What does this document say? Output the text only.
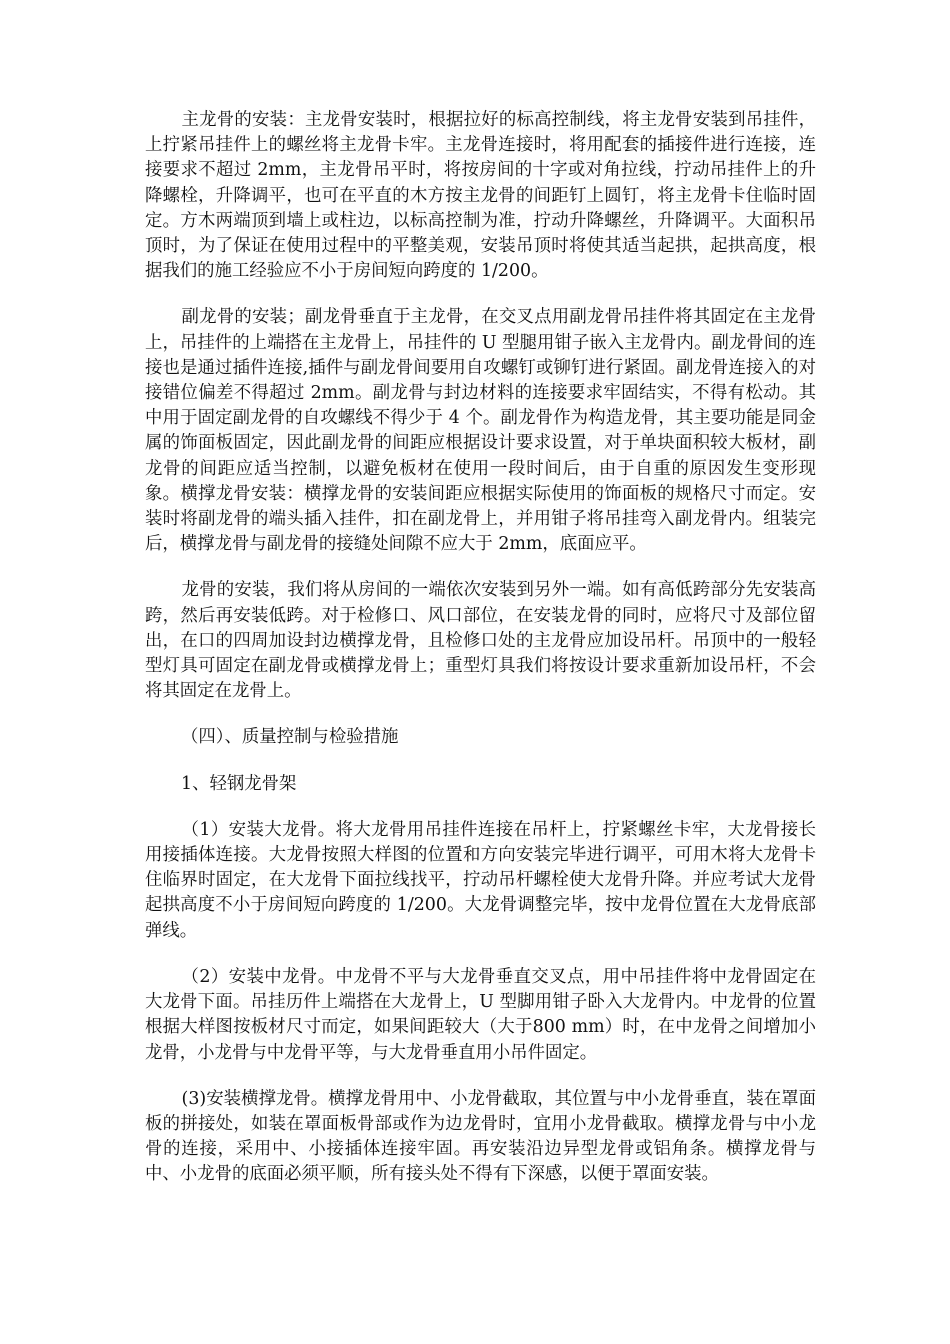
主龙骨的安装：主龙骨安装时，根据拉好的标高控制线，将主龙骨安装到吊挂件，上拧紧吊挂件上的螺丝将主龙骨卡牢。主龙骨连接时，将用配套的插接件进行连接，连接要求不超过 2mm，主龙骨吊平时，将按房间的十字或对角拉线，拧动吊挂件上的升降螺栓，升降调平，也可在平直的木方按主龙骨的间距钉上圆钉，将主龙骨卡住临时固定。方木两端顶到墙上或柱边，以标高控制为准，拧动升降螺丝，升降调平。大面积吊顶时，为了保证在使用过程中的平整美观，安装吊顶时将使其适当起拱，起拱高度，根据我们的施工经验应不小于房间短向跨度的 1/200。

副龙骨的安装；副龙骨垂直于主龙骨，在交叉点用副龙骨吊挂件将其固定在主龙骨上，吊挂件的上端搭在主龙骨上，吊挂件的 U 型腿用钳子嵌入主龙骨内。副龙骨间的连接也是通过插件连接,插件与副龙骨间要用自攻螺钉或铆钉进行紧固。副龙骨连接入的对接错位偏差不得超过 2mm。副龙骨与封边材料的连接要求牢固结实，不得有松动。其中用于固定副龙骨的自攻螺线不得少于 4 个。副龙骨作为构造龙骨，其主要功能是同金属的饰面板固定，因此副龙骨的间距应根据设计要求设置，对于单块面积较大板材，副龙骨的间距应适当控制，以避免板材在使用一段时间后，由于自重的原因发生变形现象。横撑龙骨安装：横撑龙骨的安装间距应根据实际使用的饰面板的规格尺寸而定。安装时将副龙骨的端头插入挂件，扣在副龙骨上，并用钳子将吊挂弯入副龙骨内。组装完后，横撑龙骨与副龙骨的接缝处间隙不应大于 2mm，底面应平。

龙骨的安装，我们将从房间的一端依次安装到另外一端。如有高低跨部分先安装高跨，然后再安装低跨。对于检修口、风口部位，在安装龙骨的同时，应将尺寸及部位留出，在口的四周加设封边横撑龙骨，且检修口处的主龙骨应加设吊杆。吊顶中的一般轻型灯具可固定在副龙骨或横撑龙骨上；重型灯具我们将按设计要求重新加设吊杆，不会将其固定在龙骨上。

（四）、质量控制与检验措施

1、轻钢龙骨架

（1）安装大龙骨。将大龙骨用吊挂件连接在吊杆上，拧紧螺丝卡牢，大龙骨接长用接插体连接。大龙骨按照大样图的位置和方向安装完毕进行调平，可用木将大龙骨卡住临界时固定，在大龙骨下面拉线找平，拧动吊杆螺栓使大龙骨升降。并应考试大龙骨起拱高度不小于房间短向跨度的 1/200。大龙骨调整完毕，按中龙骨位置在大龙骨底部弹线。

（2）安装中龙骨。中龙骨不平与大龙骨垂直交叉点，用中吊挂件将中龙骨固定在大龙骨下面。吊挂历件上端搭在大龙骨上，U 型脚用钳子卧入大龙骨内。中龙骨的位置根据大样图按板材尺寸而定，如果间距较大（大于800 mm）时，在中龙骨之间增加小龙骨，小龙骨与中龙骨平等，与大龙骨垂直用小吊件固定。

(3)安装横撑龙骨。横撑龙骨用中、小龙骨截取，其位置与中小龙骨垂直，装在罩面板的拼接处，如装在罩面板骨部或作为边龙骨时，宜用小龙骨截取。横撑龙骨与中小龙骨的连接，采用中、小接插体连接牢固。再安装沿边异型龙骨或铝角条。横撑龙骨与中、小龙骨的底面必须平顺，所有接头处不得有下深感，以便于罩面安装。
